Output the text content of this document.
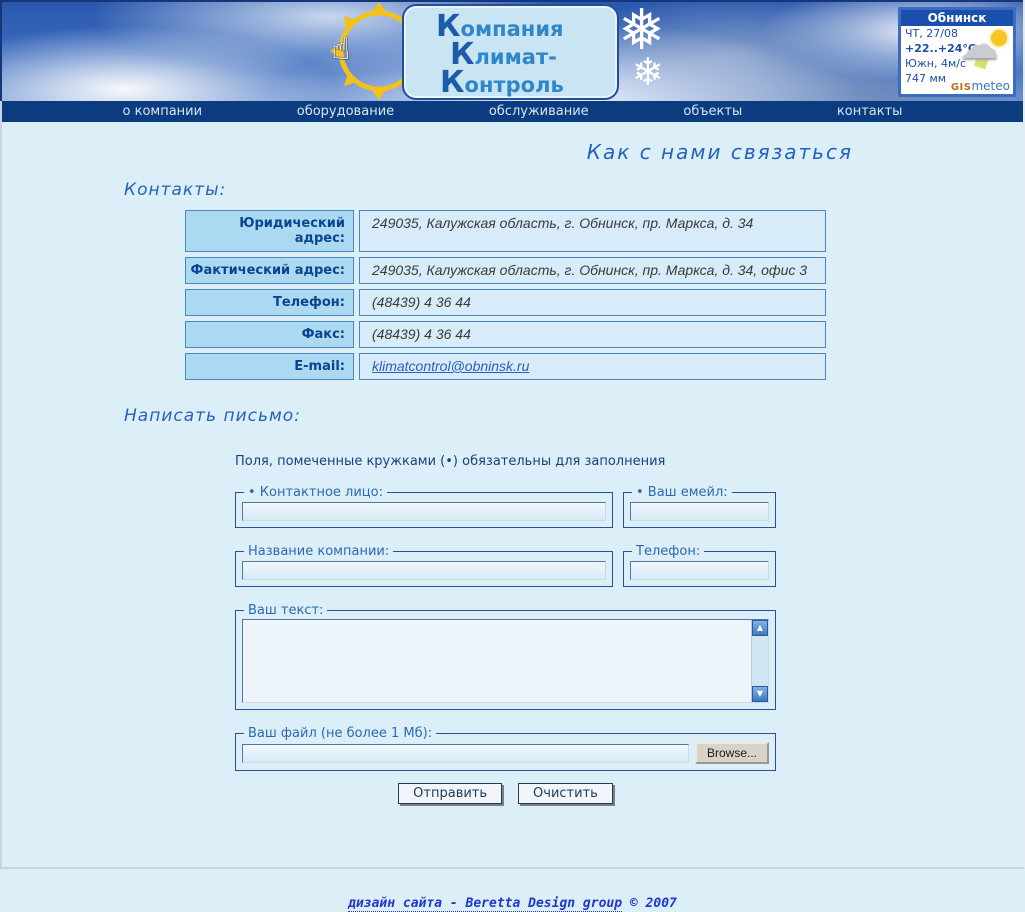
☝
Компания
Климат-
Контроль
❅
❄
Обнинск
ЧТ, 27/08
+22..+24°C
Южн, 4м/с
747 мм
☁
GISmeteo
о компании	оборудование	обслуживание	объекты	контакты
Как с нами связаться
Контакты:
Юридический адрес:
249035, Калужская область, г. Обнинск, пр. Маркса, д. 34
Фактический адрес:	249035, Калужская область, г. Обнинск, пр. Маркса, д. 34, офис 3
Телефон:	(48439) 4 36 44
Факс:	(48439) 4 36 44
E-mail:	klimatcontrol@obninsk.ru
Написать письмо:
Поля, помеченные кружками (•) обязательны для заполнения
• Контактное лицо:	• Ваш емейл:
Название компании:	Телефон:
Ваш текст:
▲
▼
Ваш файл (не более 1 Мб):
Browse...
Отправить	Очистить
дизайн сайта - Beretta Design group © 2007
